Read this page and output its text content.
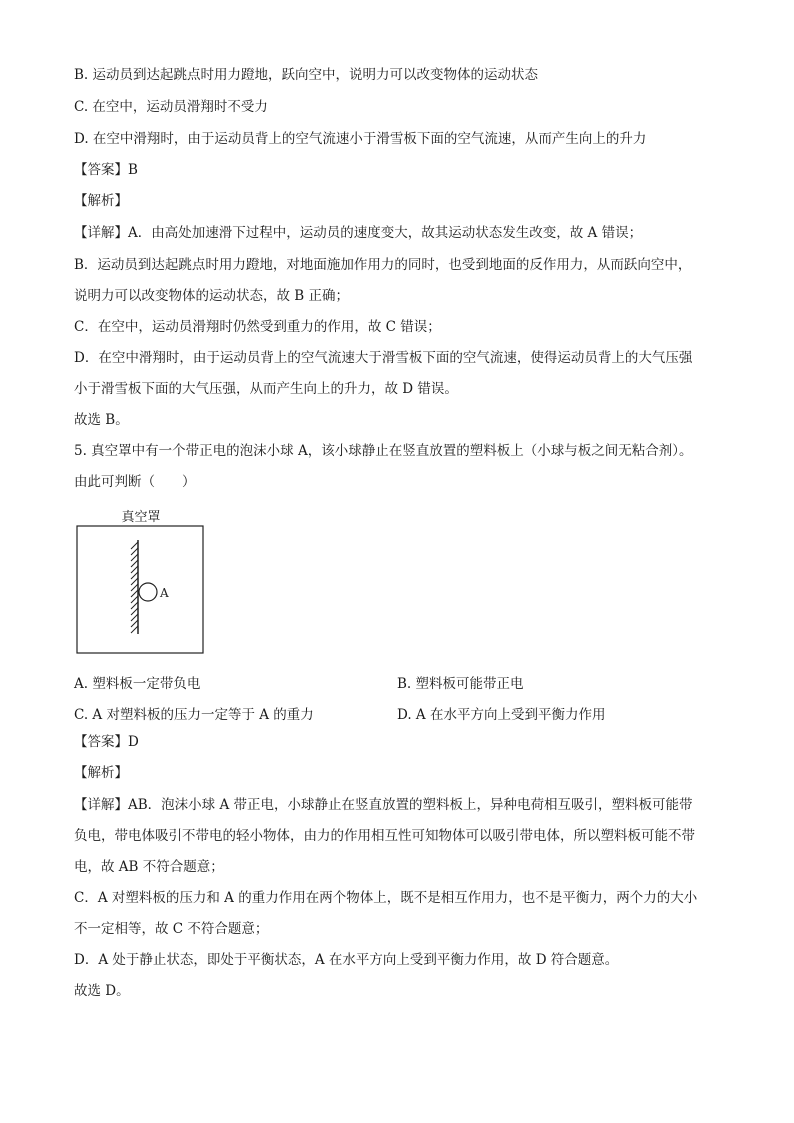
B. 运动员到达起跳点时用力蹬地，跃向空中，说明力可以改变物体的运动状态
C. 在空中，运动员滑翔时不受力
D. 在空中滑翔时，由于运动员背上的空气流速小于滑雪板下面的空气流速，从而产生向上的升力
【答案】B
【解析】
【详解】A．由高处加速滑下过程中，运动员的速度变大，故其运动状态发生改变，故 A 错误；
B．运动员到达起跳点时用力蹬地，对地面施加作用力的同时，也受到地面的反作用力，从而跃向空中，
说明力可以改变物体的运动状态，故 B 正确；
C．在空中，运动员滑翔时仍然受到重力的作用，故 C 错误；
D．在空中滑翔时，由于运动员背上的空气流速大于滑雪板下面的空气流速，使得运动员背上的大气压强
小于滑雪板下面的大气压强，从而产生向上的升力，故 D 错误。
故选 B。
5. 真空罩中有一个带正电的泡沫小球 A，该小球静止在竖直放置的塑料板上（小球与板之间无粘合剂）。
由此可判断（　　）
真空罩
A
A. 塑料板一定带负电	B. 塑料板可能带正电
C. A 对塑料板的压力一定等于 A 的重力	D. A 在水平方向上受到平衡力作用
【答案】D
【解析】
【详解】AB．泡沫小球 A 带正电，小球静止在竖直放置的塑料板上，异种电荷相互吸引，塑料板可能带
负电，带电体吸引不带电的轻小物体，由力的作用相互性可知物体可以吸引带电体，所以塑料板可能不带
电，故 AB 不符合题意；
C．A 对塑料板的压力和 A 的重力作用在两个物体上，既不是相互作用力，也不是平衡力，两个力的大小
不一定相等，故 C 不符合题意；
D．A 处于静止状态，即处于平衡状态，A 在水平方向上受到平衡力作用，故 D 符合题意。
故选 D。
